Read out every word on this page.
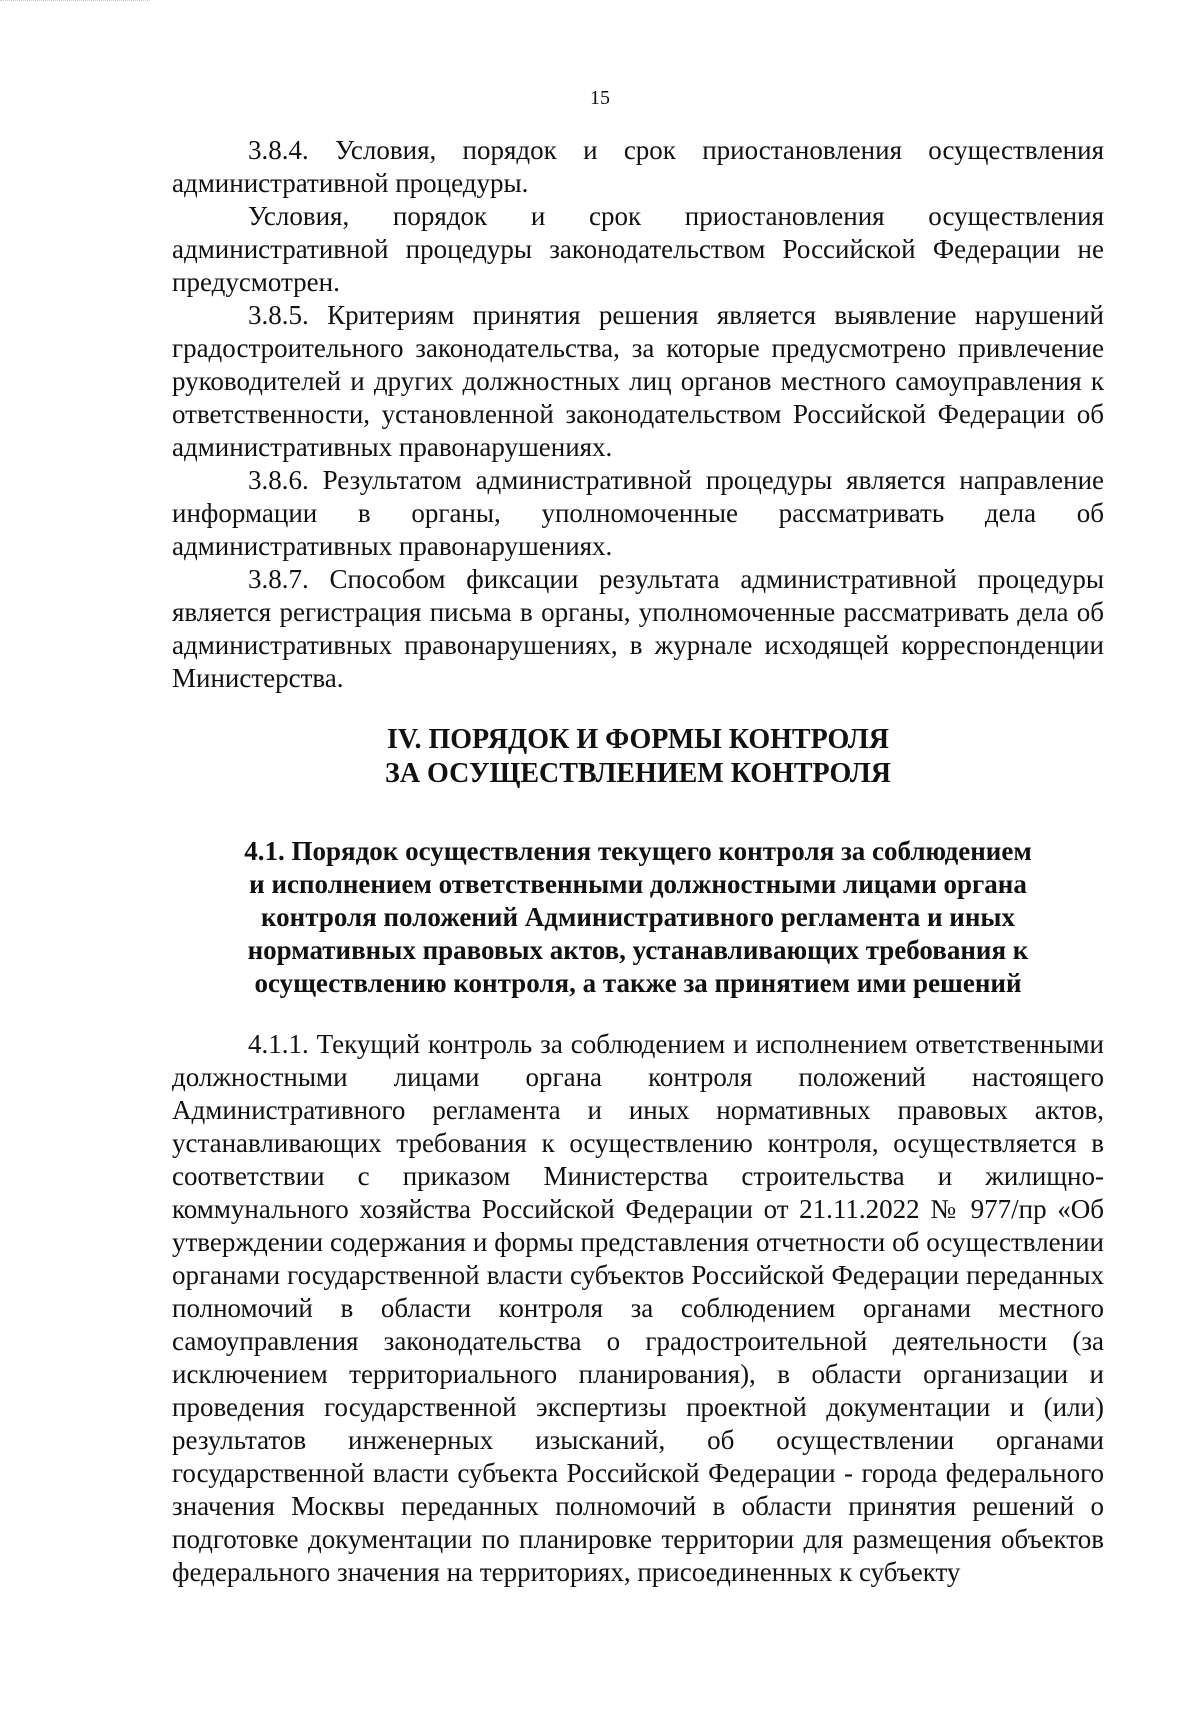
15

3.8.4. Условия, порядок и срок приостановления осуществления административной процедуры.

Условия, порядок и срок приостановления осуществления административной процедуры законодательством Российской Федерации не предусмотрен.

3.8.5. Критериям принятия решения является выявление нарушений градостроительного законодательства, за которые предусмотрено привлечение руководителей и других должностных лиц органов местного самоуправления к ответственности, установленной законодательством Российской Федерации об административных правонарушениях.

3.8.6. Результатом административной процедуры является направление информации в органы, уполномоченные рассматривать дела об административных правонарушениях.

3.8.7. Способом фиксации результата административной процедуры является регистрация письма в органы, уполномоченные рассматривать дела об административных правонарушениях, в журнале исходящей корреспонденции Министерства.

IV. ПОРЯДОК И ФОРМЫ КОНТРОЛЯ
ЗА ОСУЩЕСТВЛЕНИЕМ КОНТРОЛЯ
4.1. Порядок осуществления текущего контроля за соблюдением
и исполнением ответственными должностными лицами органа
контроля положений Административного регламента и иных
нормативных правовых актов, устанавливающих требования к
осуществлению контроля, а также за принятием ими решений

4.1.1. Текущий контроль за соблюдением и исполнением ответственными должностными лицами органа контроля положений настоящего Административного регламента и иных нормативных правовых актов, устанавливающих требования к осуществлению контроля, осуществляется в соответствии с приказом Министерства строительства и жилищно-коммунального хозяйства Российской Федерации от 21.11.2022 № 977/пр «Об утверждении содержания и формы представления отчетности об осуществлении органами государственной власти субъектов Российской Федерации переданных полномочий в области контроля за соблюдением органами местного самоуправления законодательства о градостроительной деятельности (за исключением территориального планирования), в области организации и проведения государственной экспертизы проектной документации и (или) результатов инженерных изысканий, об осуществлении органами государственной власти субъекта Российской Федерации - города федерального значения Москвы переданных полномочий в области принятия решений о подготовке документации по планировке территории для размещения объектов федерального значения на территориях, присоединенных к субъекту
